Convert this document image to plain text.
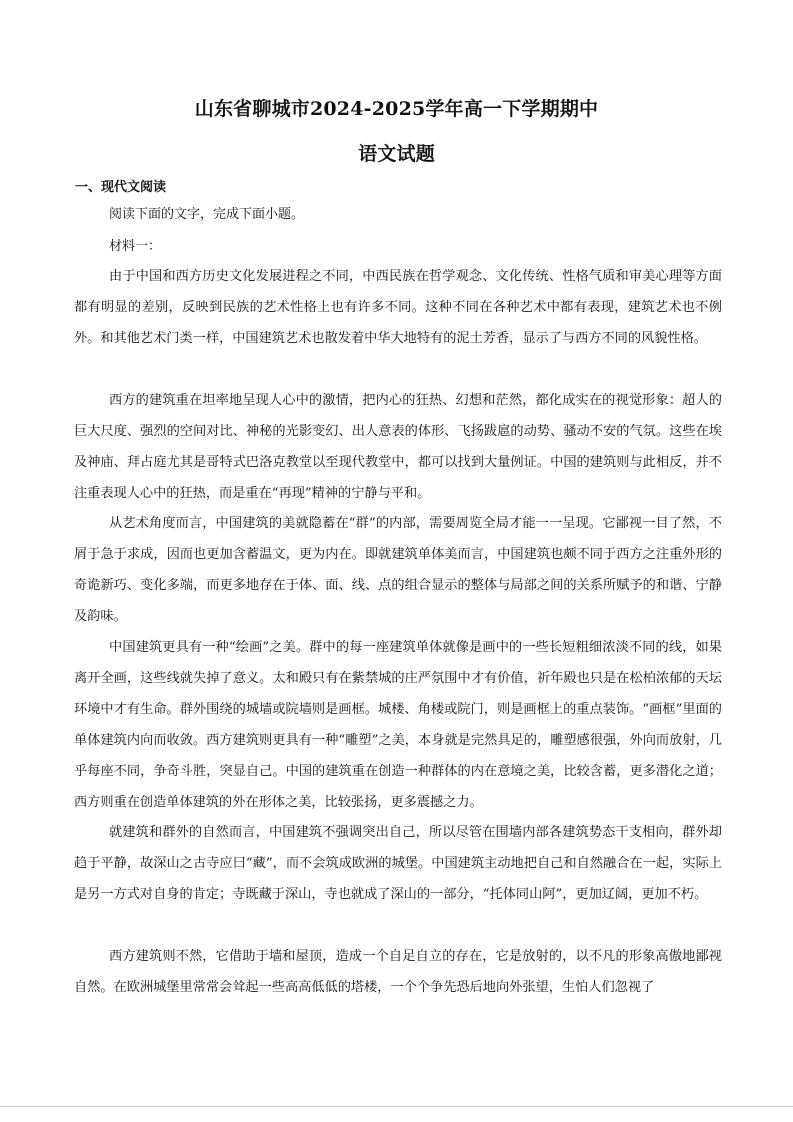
山东省聊城市2024-2025学年高一下学期期中
语文试题
一、现代文阅读
阅读下面的文字，完成下面小题。
材料一：

由于中国和西方历史文化发展进程之不同，中西民族在哲学观念、文化传统、性格气质和审美心理等方面都有明显的差别，反映到民族的艺术性格上也有许多不同。这种不同在各种艺术中都有表现，建筑艺术也不例外。和其他艺术门类一样，中国建筑艺术也散发着中华大地特有的泥土芳香，显示了与西方不同的风貌性格。

西方的建筑重在坦率地呈现人心中的激情，把内心的狂热、幻想和茫然，都化成实在的视觉形象：超人的巨大尺度、强烈的空间对比、神秘的光影变幻、出人意表的体形、飞扬跋扈的动势、骚动不安的气氛。这些在埃及神庙、拜占庭尤其是哥特式巴洛克教堂以至现代教堂中，都可以找到大量例证。中国的建筑则与此相反，并不注重表现人心中的狂热，而是重在“再现”精神的宁静与平和。

从艺术角度而言，中国建筑的美就隐蓄在“群”的内部，需要周览全局才能一一呈现。它鄙视一目了然，不屑于急于求成，因而也更加含蓄温文，更为内在。即就建筑单体美而言，中国建筑也颇不同于西方之注重外形的奇诡新巧、变化多端，而更多地存在于体、面、线、点的组合显示的整体与局部之间的关系所赋予的和谐、宁静及韵味。

中国建筑更具有一种“绘画”之美。群中的每一座建筑单体就像是画中的一些长短粗细浓淡不同的线，如果离开全画，这些线就失掉了意义。太和殿只有在紫禁城的庄严氛围中才有价值，祈年殿也只是在松柏浓郁的天坛环境中才有生命。群外围绕的城墙或院墙则是画框。城楼、角楼或院门，则是画框上的重点装饰。“画框”里面的单体建筑内向而收敛。西方建筑则更具有一种“雕塑”之美，本身就是完然具足的，雕塑感很强，外向而放射，几乎每座不同，争奇斗胜，突显自己。中国的建筑重在创造一种群体的内在意境之美，比较含蓄，更多潜化之道；西方则重在创造单体建筑的外在形体之美，比较张扬，更多震撼之力。

就建筑和群外的自然而言，中国建筑不强调突出自己，所以尽管在围墙内部各建筑势态干支相向，群外却趋于平静，故深山之古寺应曰“藏”，而不会筑成欧洲的城堡。中国建筑主动地把自己和自然融合在一起，实际上是另一方式对自身的肯定；寺既藏于深山，寺也就成了深山的一部分，“托体同山阿”，更加辽阔，更加不朽。

西方建筑则不然，它借助于墙和屋顶，造成一个自足自立的存在，它是放射的，以不凡的形象高傲地鄙视自然。在欧洲城堡里常常会耸起一些高高低低的塔楼，一个个争先恐后地向外张望，生怕人们忽视了
